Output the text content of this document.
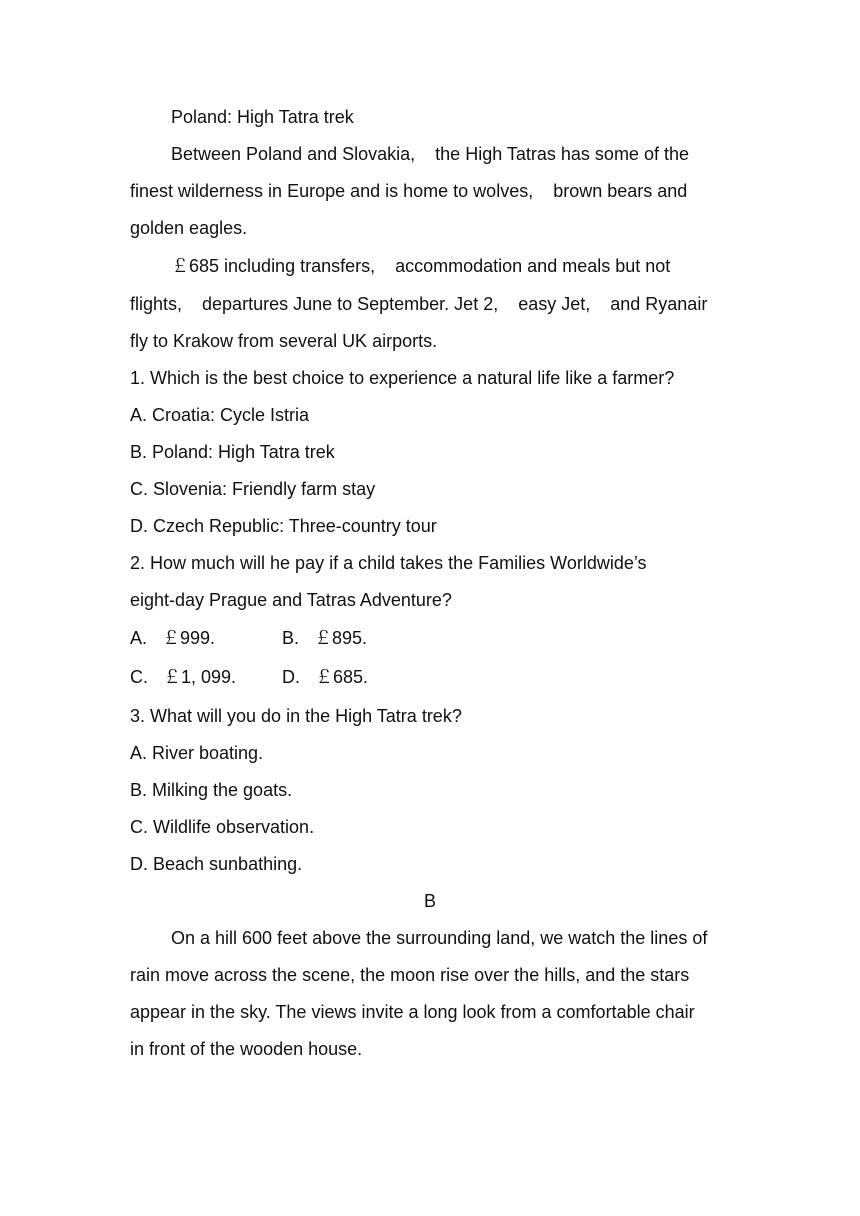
Poland: High Tatra trek
Between Poland and Slovakia,    the High Tatras has some of the
finest wilderness in Europe and is home to wolves,    brown bears and
golden eagles.
￡685 including transfers,    accommodation and meals but not
flights,    departures June to September. Jet 2,    easy Jet,    and Ryanair
fly to Krakow from several UK airports.
1. Which is the best choice to experience a natural life like a farmer?
A. Croatia: Cycle Istria
B. Poland: High Tatra trek
C. Slovenia: Friendly farm stay
D. Czech Republic: Three-country tour
2. How much will he pay if a child takes the Families Worldwide’s
eight-day Prague and Tatras Adventure?
A.   ￡999.	B.   ￡895.
C.   ￡1, 099.	D.   ￡685.
3. What will you do in the High Tatra trek?
A. River boating.
B. Milking the goats.
C. Wildlife observation.
D. Beach sunbathing.
B
On a hill 600 feet above the surrounding land, we watch the lines of
rain move across the scene, the moon rise over the hills, and the stars
appear in the sky. The views invite a long look from a comfortable chair
in front of the wooden house.
